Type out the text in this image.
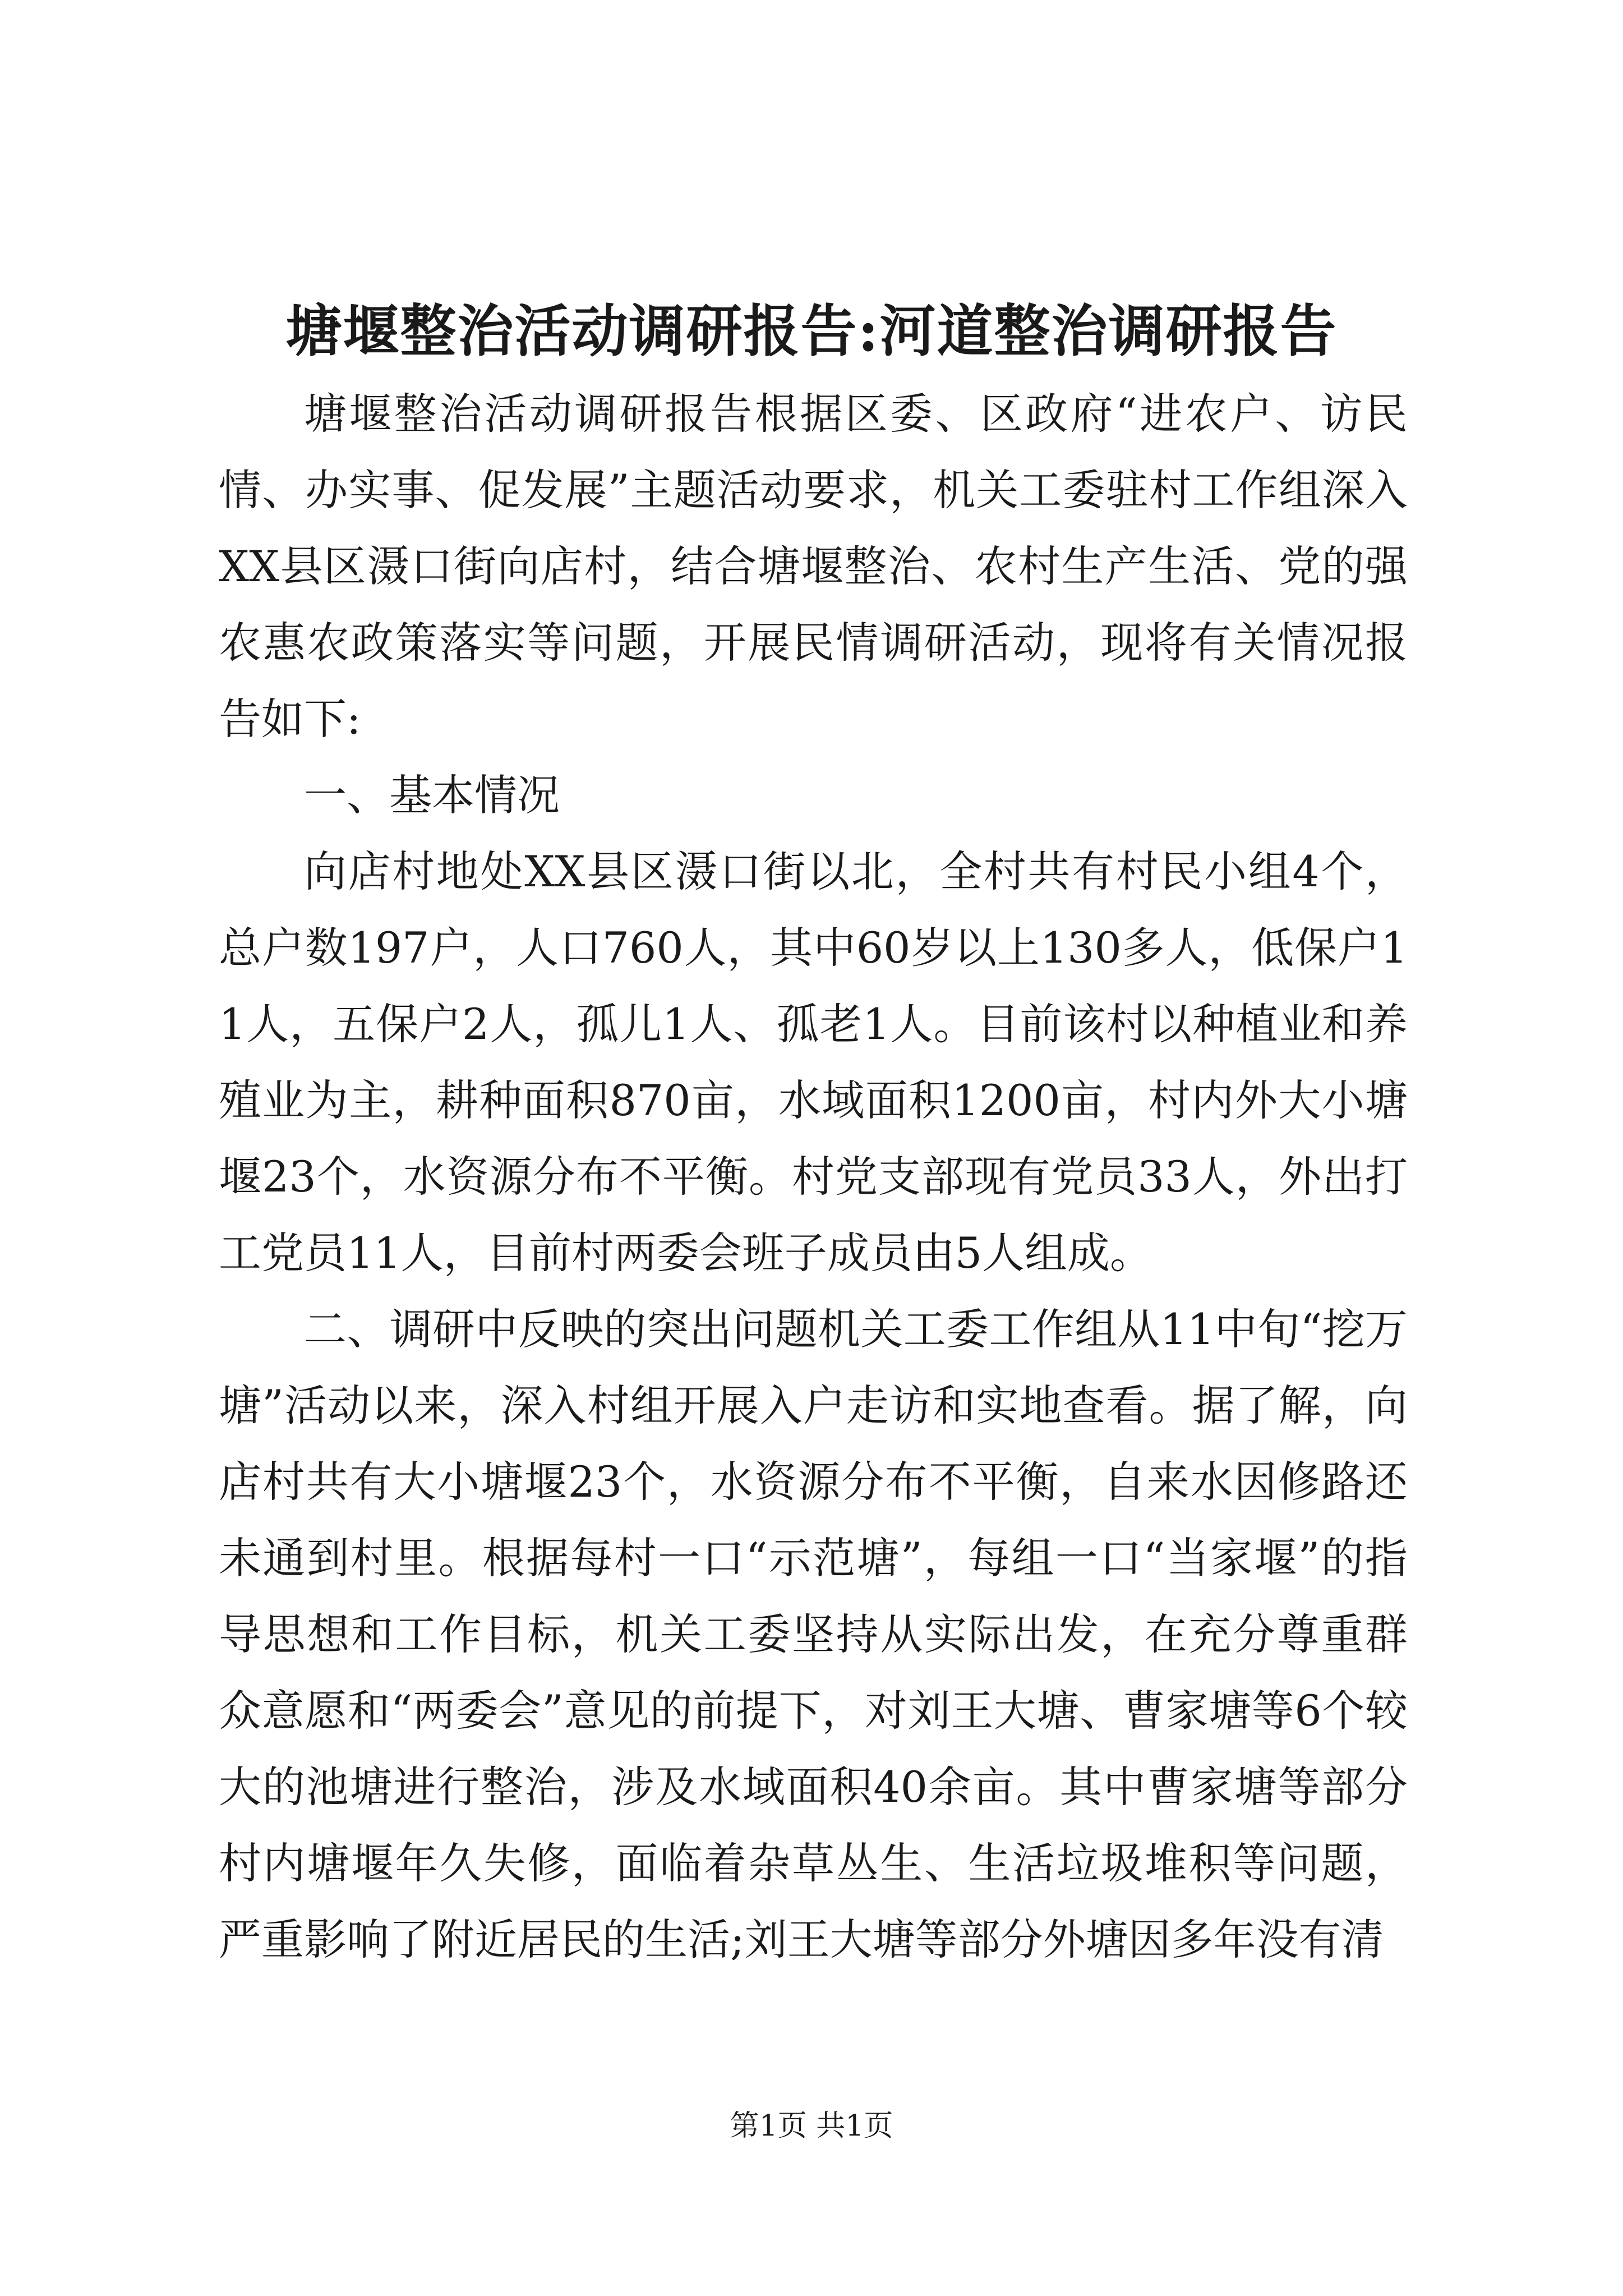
塘堰整治活动调研报告:河道整治调研报告

塘堰整治活动调研报告根据区委、区政府“进农户、访民情、办实事、促发展”主题活动要求，机关工委驻村工作组深入XX县区滠口街向店村，结合塘堰整治、农村生产生活、党的强农惠农政策落实等问题，开展民情调研活动，现将有关情况报告如下:

一、基本情况

向店村地处XX县区滠口街以北，全村共有村民小组4个，总户数197户，人口760人，其中60岁以上130多人，低保户11人，五保户2人，孤儿1人、孤老1人。目前该村以种植业和养殖业为主，耕种面积870亩，水域面积1200亩，村内外大小塘堰23个，水资源分布不平衡。村党支部现有党员33人，外出打工党员11人，目前村两委会班子成员由5人组成。

二、调研中反映的突出问题机关工委工作组从11中旬“挖万塘”活动以来，深入村组开展入户走访和实地查看。据了解，向店村共有大小塘堰23个，水资源分布不平衡，自来水因修路还未通到村里。根据每村一口“示范塘”，每组一口“当家堰”的指导思想和工作目标，机关工委坚持从实际出发，在充分尊重群众意愿和“两委会”意见的前提下，对刘王大塘、曹家塘等6个较大的池塘进行整治，涉及水域面积40余亩。其中曹家塘等部分村内塘堰年久失修，面临着杂草丛生、生活垃圾堆积等问题，严重影响了附近居民的生活;刘王大塘等部分外塘因多年没有清

第1页 共1页
